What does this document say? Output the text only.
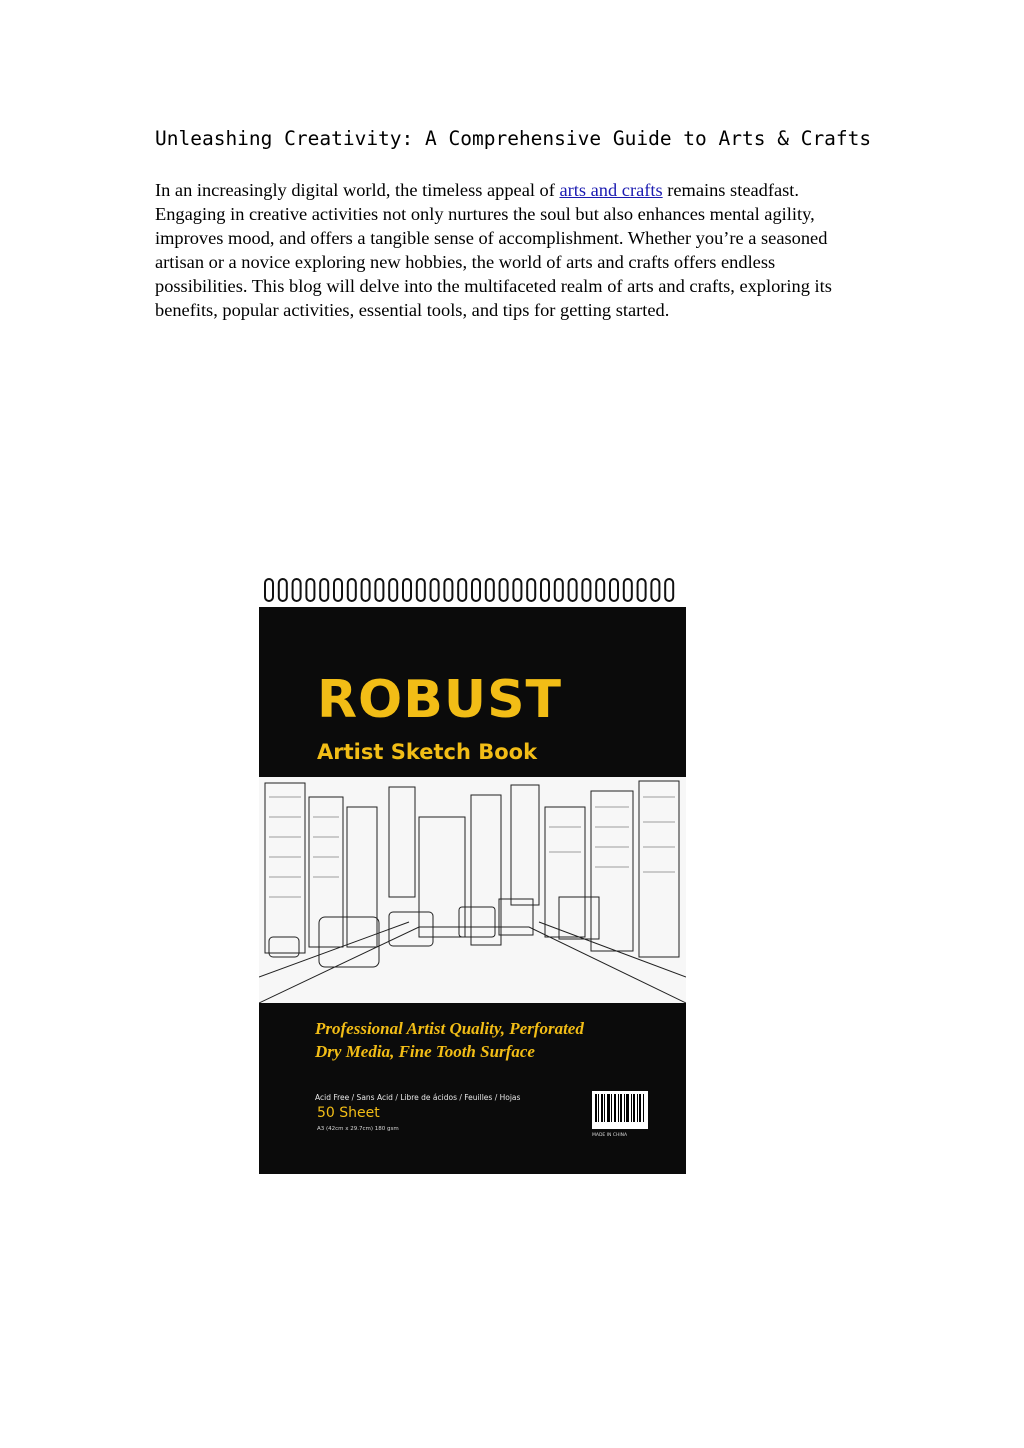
Unleashing Creativity: A Comprehensive Guide to Arts & Crafts

In an increasingly digital world, the timeless appeal of arts and crafts remains steadfast. Engaging in creative activities not only nurtures the soul but also enhances mental agility, improves mood, and offers a tangible sense of accomplishment. Whether you’re a seasoned artisan or a novice exploring new hobbies, the world of arts and crafts offers endless possibilities. This blog will delve into the multifaceted realm of arts and crafts, exploring its benefits, popular activities, essential tools, and tips for getting started.

ROBUST
Artist Sketch Book
Professional Artist Quality, Perforated
Dry Media, Fine Tooth Surface
Acid Free / Sans Acid / Libre de ácidos / Feuilles / Hojas
50 Sheet
A3 (42cm x 29.7cm) 180 gsm
MADE IN CHINA
